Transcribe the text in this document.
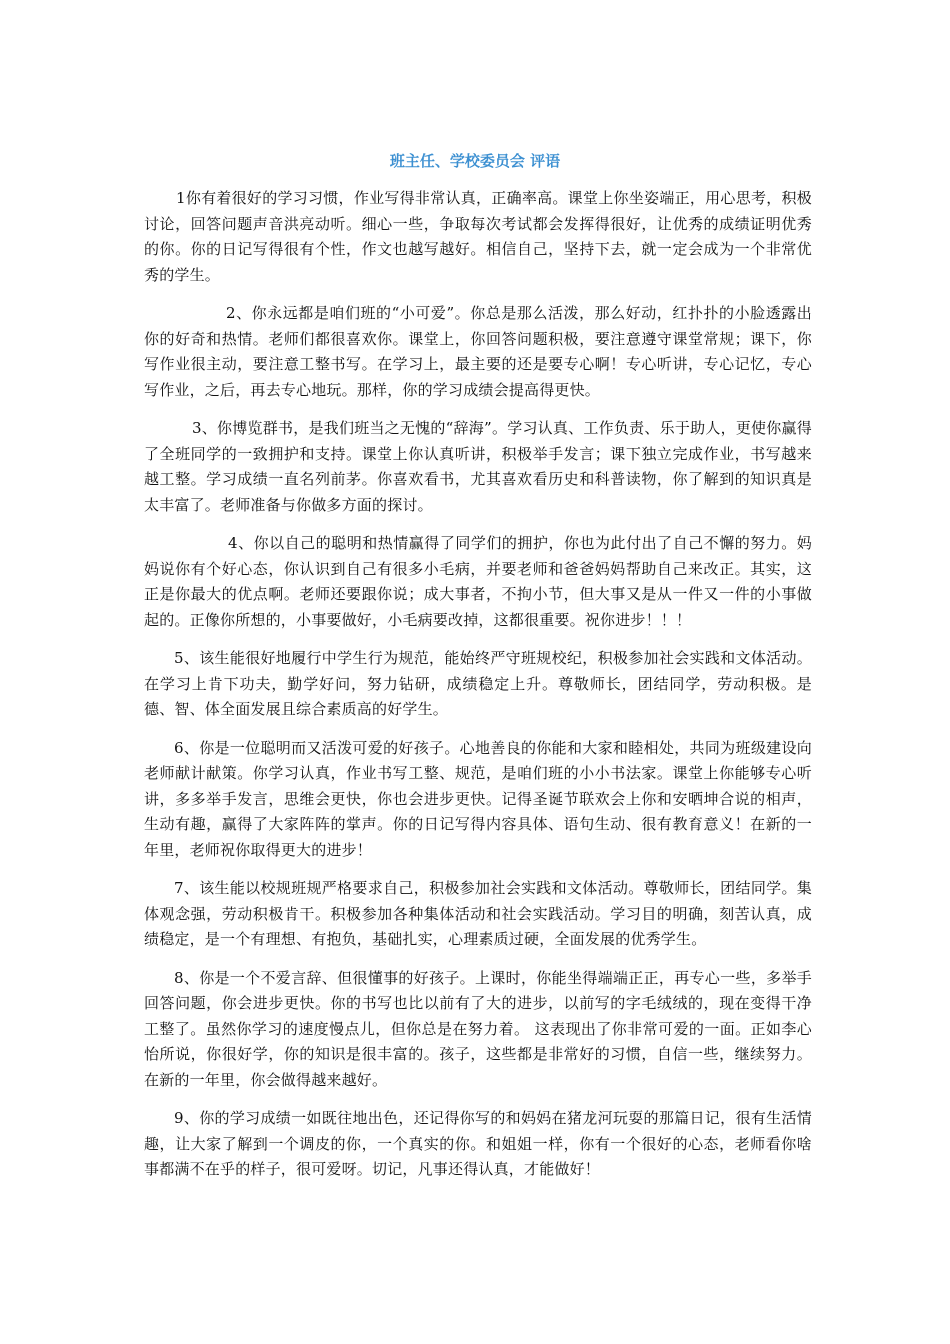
班主任、学校委员会 评语

1你有着很好的学习习惯，作业写得非常认真，正确率高。课堂上你坐姿端正，用心思考，积极讨论，回答问题声音洪亮动听。细心一些，争取每次考试都会发挥得很好，让优秀的成绩证明优秀的你。你的日记写得很有个性，作文也越写越好。相信自己，坚持下去，就一定会成为一个非常优秀的学生。

2、你永远都是咱们班的“小可爱”。你总是那么活泼，那么好动，红扑扑的小脸透露出你的好奇和热情。老师们都很喜欢你。课堂上，你回答问题积极，要注意遵守课堂常规；课下，你写作业很主动，要注意工整书写。在学习上，最主要的还是要专心啊！专心听讲，专心记忆，专心写作业，之后，再去专心地玩。那样，你的学习成绩会提高得更快。

3、你博览群书，是我们班当之无愧的“辞海”。学习认真、工作负责、乐于助人，更使你赢得了全班同学的一致拥护和支持。课堂上你认真听讲，积极举手发言；课下独立完成作业，书写越来越工整。学习成绩一直名列前茅。你喜欢看书，尤其喜欢看历史和科普读物，你了解到的知识真是太丰富了。老师准备与你做多方面的探讨。

4、你以自己的聪明和热情赢得了同学们的拥护，你也为此付出了自己不懈的努力。妈妈说你有个好心态，你认识到自己有很多小毛病，并要老师和爸爸妈妈帮助自己来改正。其实，这正是你最大的优点啊。老师还要跟你说；成大事者，不拘小节，但大事又是从一件又一件的小事做起的。正像你所想的，小事要做好，小毛病要改掉，这都很重要。祝你进步！！！

5、该生能很好地履行中学生行为规范，能始终严守班规校纪，积极参加社会实践和文体活动。在学习上肯下功夫，勤学好问，努力钻研，成绩稳定上升。尊敬师长，团结同学，劳动积极。是德、智、体全面发展且综合素质高的好学生。

6、你是一位聪明而又活泼可爱的好孩子。心地善良的你能和大家和睦相处，共同为班级建设向老师献计献策。你学习认真，作业书写工整、规范，是咱们班的小小书法家。课堂上你能够专心听讲，多多举手发言，思维会更快，你也会进步更快。记得圣诞节联欢会上你和安晒坤合说的相声，生动有趣，赢得了大家阵阵的掌声。你的日记写得内容具体、语句生动、很有教育意义！在新的一年里，老师祝你取得更大的进步！

7、该生能以校规班规严格要求自己，积极参加社会实践和文体活动。尊敬师长，团结同学。集体观念强，劳动积极肯干。积极参加各种集体活动和社会实践活动。学习目的明确，刻苦认真，成绩稳定，是一个有理想、有抱负，基础扎实，心理素质过硬，全面发展的优秀学生。

8、你是一个不爱言辞、但很懂事的好孩子。上课时，你能坐得端端正正，再专心一些，多举手回答问题，你会进步更快。你的书写也比以前有了大的进步，以前写的字毛绒绒的，现在变得干净工整了。虽然你学习的速度慢点儿，但你总是在努力着。 这表现出了你非常可爱的一面。正如李心怡所说，你很好学，你的知识是很丰富的。孩子，这些都是非常好的习惯，自信一些，继续努力。在新的一年里，你会做得越来越好。

9、你的学习成绩一如既往地出色，还记得你写的和妈妈在猪龙河玩耍的那篇日记，很有生活情趣，让大家了解到一个调皮的你，一个真实的你。和姐姐一样，你有一个很好的心态，老师看你啥事都满不在乎的样子，很可爱呀。切记，凡事还得认真，才能做好！
